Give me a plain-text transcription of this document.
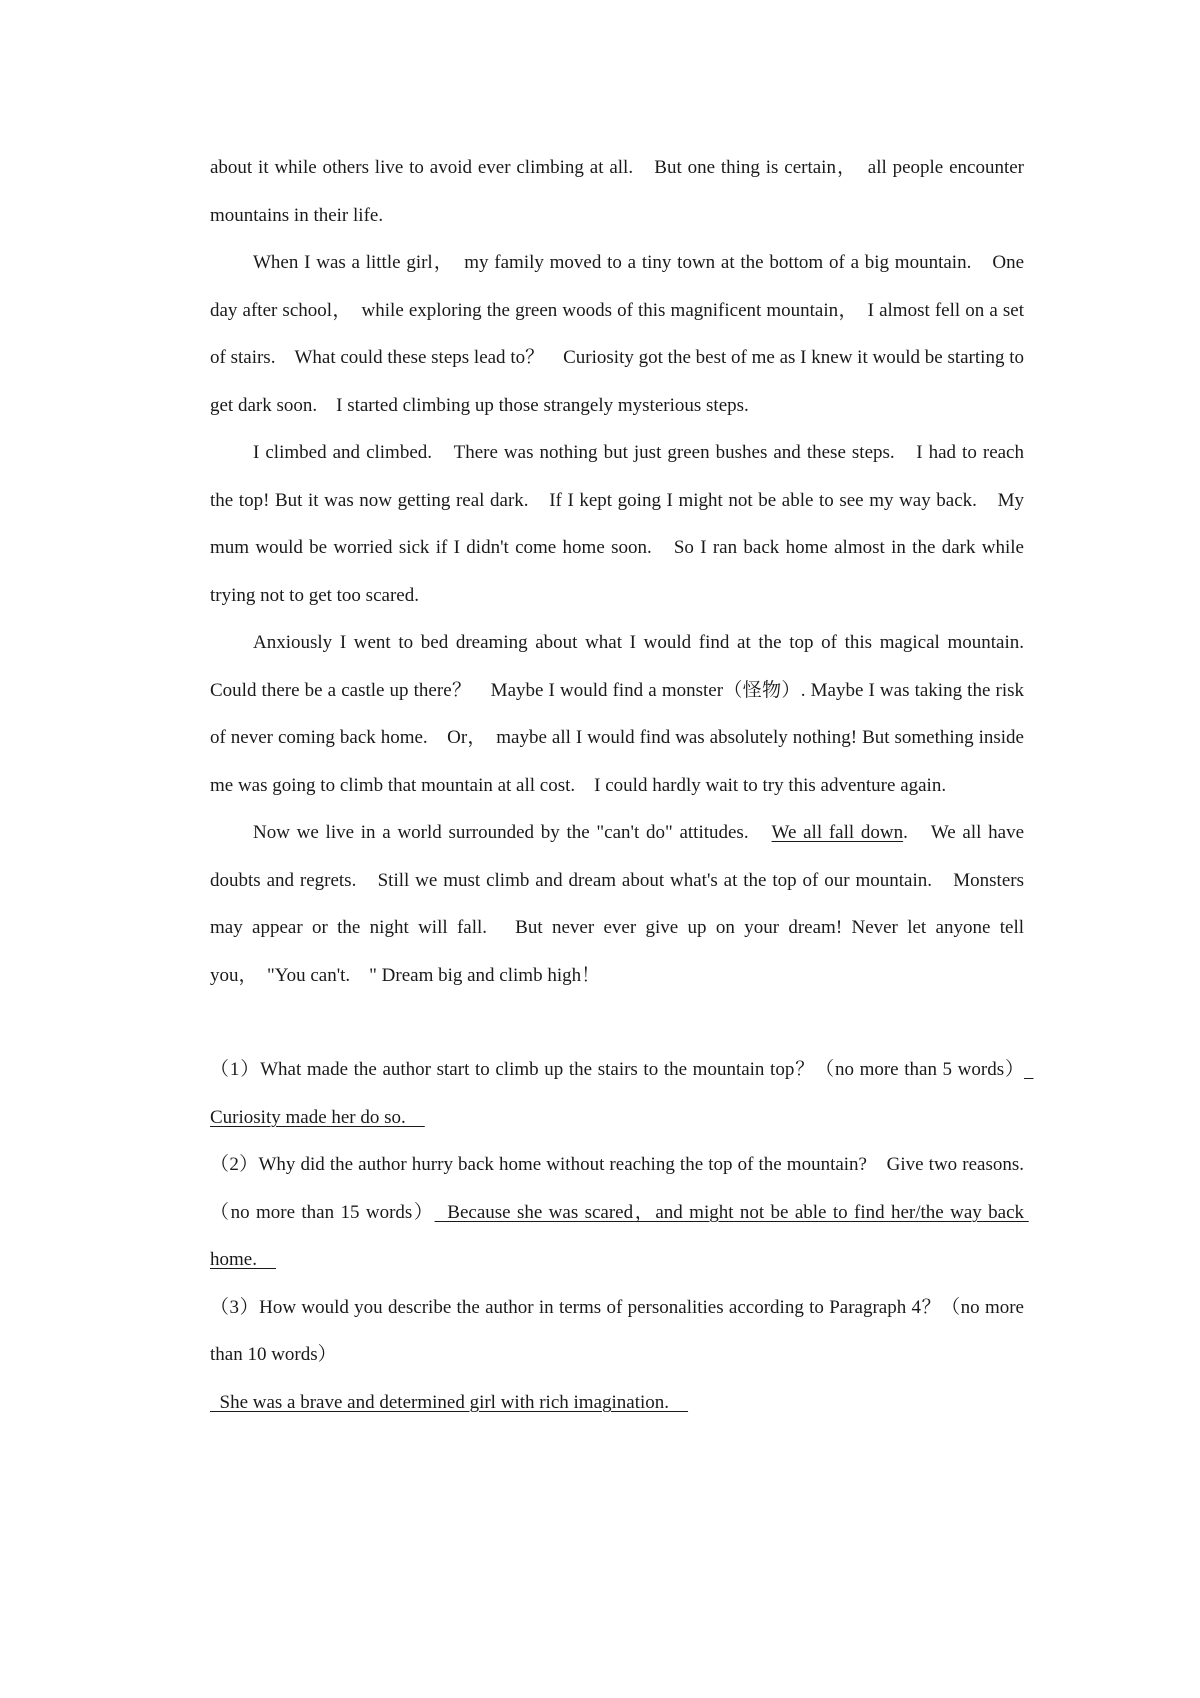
about it while others live to avoid ever climbing at all.　But one thing is certain，　all people encounter mountains in their life.

When I was a little girl，　my family moved to a tiny town at the bottom of a big mountain.　One day after school，　while exploring the green woods of this magnificent mountain，　I almost fell on a set of stairs.　What could these steps lead to？　Curiosity got the best of me as I knew it would be starting to get dark soon.　I started climbing up those strangely mysterious steps.

I climbed and climbed.　There was nothing but just green bushes and these steps.　I had to reach the top! But it was now getting real dark.　If I kept going I might not be able to see my way back.　My mum would be worried sick if I didn't come home soon.　So I ran back home almost in the dark while trying not to get too scared.

Anxiously I went to bed dreaming about what I would find at the top of this magical mountain.　Could there be a castle up there？　Maybe I would find a monster（怪物）. Maybe I was taking the risk of never coming back home.　Or，　maybe all I would find was absolutely nothing! But something inside me was going to climb that mountain at all cost.　I could hardly wait to try this adventure again.

Now we live in a world surrounded by the "can't do" attitudes.　We all fall down.　We all have doubts and regrets.　Still we must climb and dream about what's at the top of our mountain.　Monsters may appear or the night will fall.　But never ever give up on your dream! Never let anyone tell you，　"You can't.　" Dream big and climb high！

（1）What made the author start to climb up the stairs to the mountain top？（no more than 5 words）  Curiosity made her do so.

（2）Why did the author hurry back home without reaching the top of the mountain?　Give two reasons.（no more than 15 words）  Because she was scared，and might not be able to find her/the way back home.

（3）How would you describe the author in terms of personalities according to Paragraph 4？（no more than 10 words）
She was a brave and determined girl with rich imagination.
